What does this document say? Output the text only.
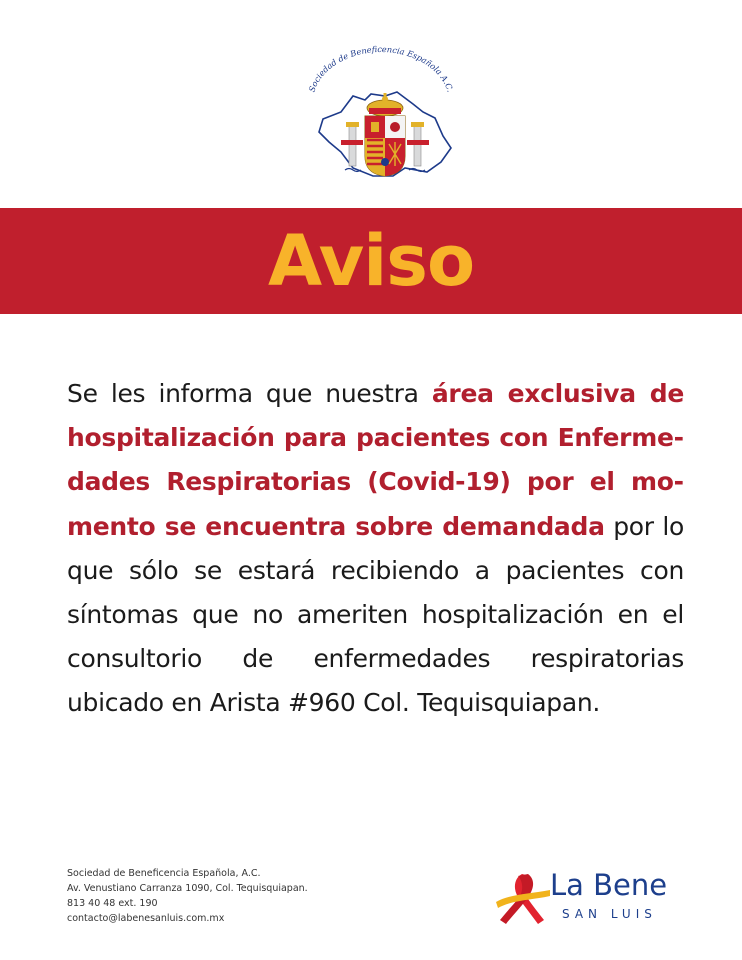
Sociedad de Beneficencia Española A.C.
Aviso

Se les informa que nuestra área exclusiva de hospitalización para pacientes con Enfermedades Respiratorias (Covid-19) por el momento se encuentra sobre demandada por lo que sólo se estará recibiendo a pacientes con síntomas que no ameriten hospitalización en el consultorio de enfermedades respiratorias ubicado en Arista #960 Col. Tequisquiapan.

Sociedad de Beneficencia Española, A.C.
Av. Venustiano Carranza 1090, Col. Tequisquiapan.
813 40 48 ext. 190
contacto@labenesanluis.com.mx
La Bene
SAN LUIS
